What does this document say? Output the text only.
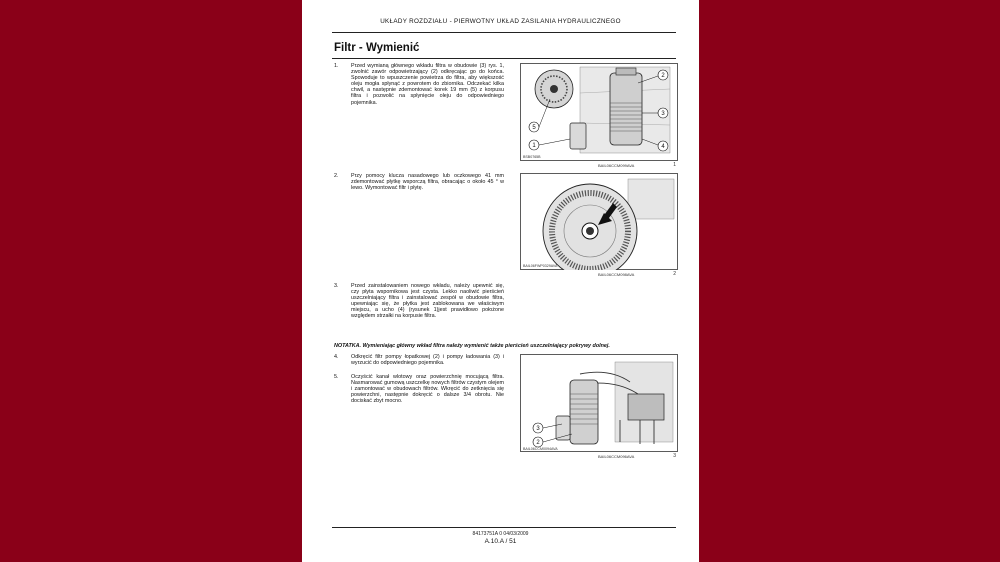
UKŁADY ROZDZIAŁU - PIERWOTNY UKŁAD ZASILANIA HYDRAULICZNEGO
Filtr - Wymienić
1. Przed wymianą głównego wkładu filtra w obudowie (3) rys. 1, zwolnić zawór odpowietrzający (2) odkręcając go do końca. Spowoduje to wpuszczenie powietrza do filtra, aby większość oleju mogła spłynąć z powrotem do zbiornika. Odczekać kilka chwil, a następnie zdemontować korek 19 mm (5) z korpusu filtra i pozwolić na spłynięcie oleju do odpowiedniego pojemnika.
2. Przy pomocy klucza nasadowego lub oczkowego 41 mm zdemontować płytkę wsporczą filtra, obracając o około 45 ° w lewo. Wymontować filtr i płytę.
3. Przed zainstalowaniem nowego wkładu, należy upewnić się, czy płyta wspornikowa jest czysta. Lekko naoliwić pierścień uszczelniający filtra i zainstalować zespół w obudowie filtra, upewniając się, że płytka jest zablokowana we właściwym miejscu, a ucho (4) (rysunek 1)jest prawidłowo położone względem strzałki na korpusie filtra.
NOTATKA. Wymieniając główny wkład filtra należy wymienić także pierścień uszczelniający pokrywy dolnej.
4. Odkręcić filtr pompy łopatkowej (2) i pompy ładowania (3) i wyrzucić do odpowiedniego pojemnika.
5. Oczyścić kanał wlotowy oraz powierzchnię mocującą filtra. Nasmarować gumową uszczelkę nowych filtrów czystym olejem i zamontować w obudowach filtrów. Wkręcić do zetknięcia się powierzchni, następnie dokręcić o dalsze 3/4 obrotu. Nie dociskać zbyt mocno.
2
3
4
5
1
BSB0765B
BAIL06CCM099AVA	1
BAIL06FWP0329AVA
BAIL06CCM098AVA	2
3
2
BAIL06CCM0094AVA
BAIL06CCM096AVA	3
84173751A 0 04/03/2009
A.10.A / 51
